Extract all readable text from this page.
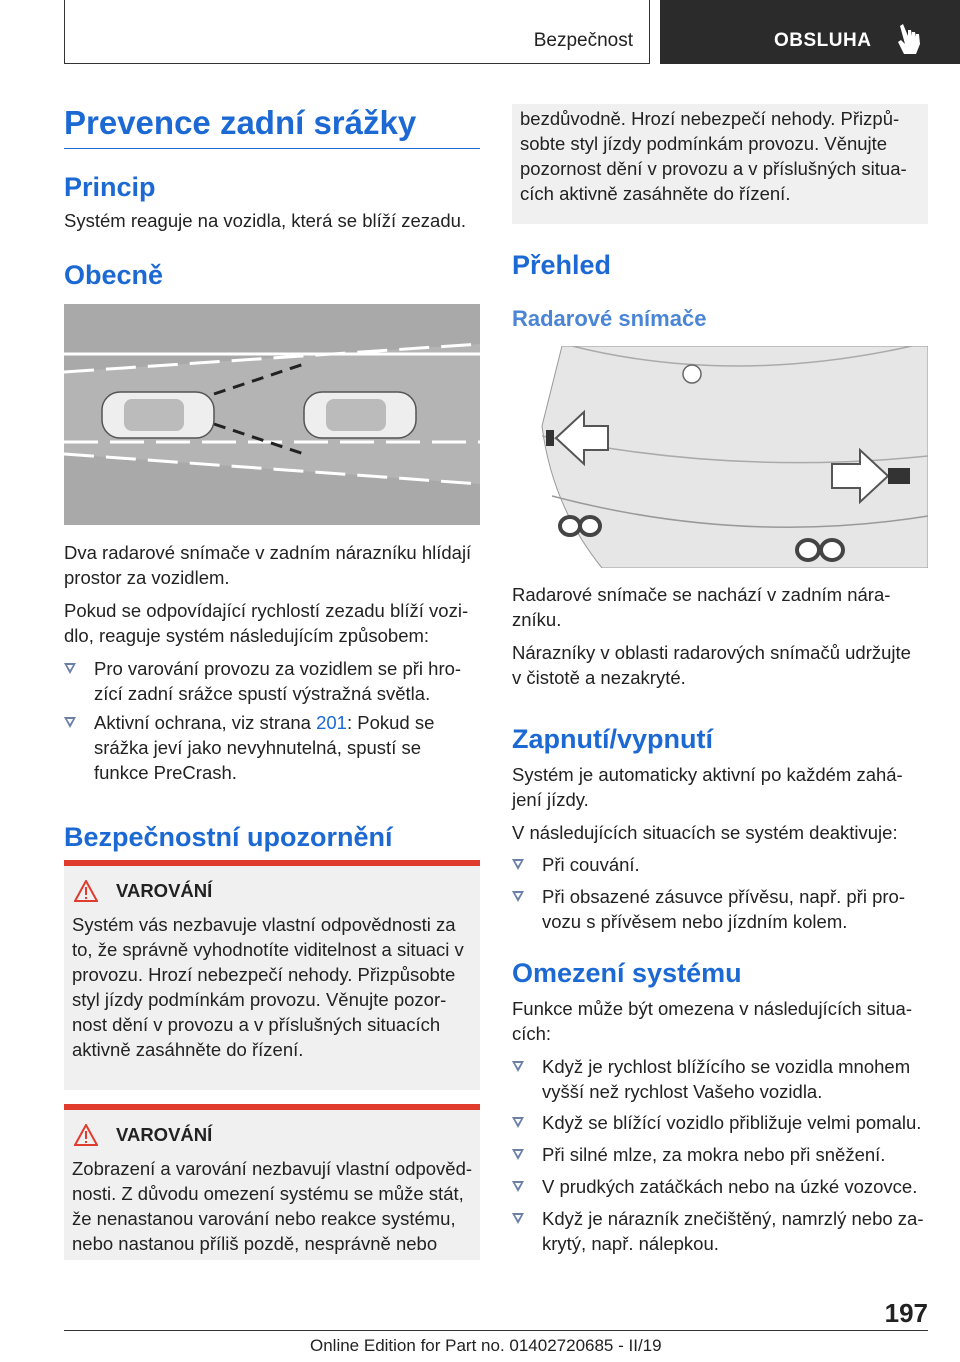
Bezpečnost	OBSLUHA
Prevence zadní srážky
Princip

Systém reaguje na vozidla, která se blíží zezadu.

Obecně

Dva radarové snímače v zadním nárazníku hlídají
prostor za vozidlem.

Pokud se odpovídající rychlostí zezadu blíží vozi-
dlo, reaguje systém následujícím způsobem:

Pro varování provozu za vozidlem se při hro-
zící zadní srážce spustí výstražná světla.
Aktivní ochrana, viz strana 201: Pokud se
srážka jeví jako nevyhnutelná, spustí se
funkce PreCrash.
Bezpečnostní upozornění
VAROVÁNÍ
Systém vás nezbavuje vlastní odpovědnosti za
to, že správně vyhodnotíte viditelnost a situaci v
provozu. Hrozí nebezpečí nehody. Přizpůsobte
styl jízdy podmínkám provozu. Věnujte pozor-
nost dění v provozu a v příslušných situacích
aktivně zasáhněte do řízení.
VAROVÁNÍ
Zobrazení a varování nezbavují vlastní odpověd-
nosti. Z důvodu omezení systému se může stát,
že nenastanou varování nebo reakce systému,
nebo nastanou příliš pozdě, nesprávně nebo
bezdůvodně. Hrozí nebezpečí nehody. Přizpů-
sobte styl jízdy podmínkám provozu. Věnujte
pozornost dění v provozu a v příslušných situa-
cích aktivně zasáhněte do řízení.
Přehled
Radarové snímače

Radarové snímače se nachází v zadním nára-
zníku.

Nárazníky v oblasti radarových snímačů udržujte
v čistotě a nezakryté.

Zapnutí/vypnutí

Systém je automaticky aktivní po každém zahá-
jení jízdy.

V následujících situacích se systém deaktivuje:

Při couvání.
Při obsazené zásuvce přívěsu, např. při pro-
vozu s přívěsem nebo jízdním kolem.
Omezení systému

Funkce může být omezena v následujících situa-
cích:

Když je rychlost blížícího se vozidla mnohem
vyšší než rychlost Vašeho vozidla.
Když se blížící vozidlo přibližuje velmi pomalu.
Při silné mlze, za mokra nebo při sněžení.
V prudkých zatáčkách nebo na úzké vozovce.
Když je nárazník znečištěný, namrzlý nebo za-
krytý, např. nálepkou.
197
Online Edition for Part no. 01402720685 - II/19
